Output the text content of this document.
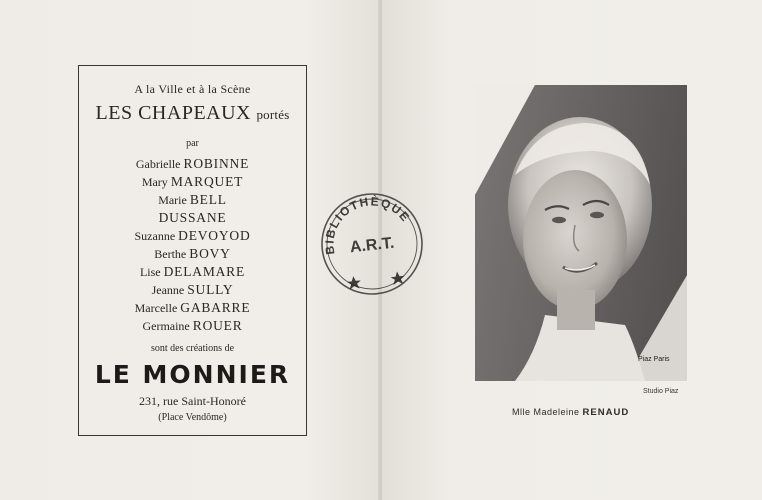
A la Ville et à la Scène
LES CHAPEAUX portés
par
Gabrielle ROBINNE
Mary MARQUET
Marie BELL
DUSSANE
Suzanne DEVOYOD
Berthe BOVY
Lise DELAMARE
Jeanne SULLY
Marcelle GABARRE
Germaine ROUER
sont des créations de
LE MONNIER
231, rue Saint-Honoré
(Place Vendôme)
BIBLIOTHÈQUE
A.R.T.
Piaz Paris
Studio Piaz
Mlle Madeleine RENAUD
